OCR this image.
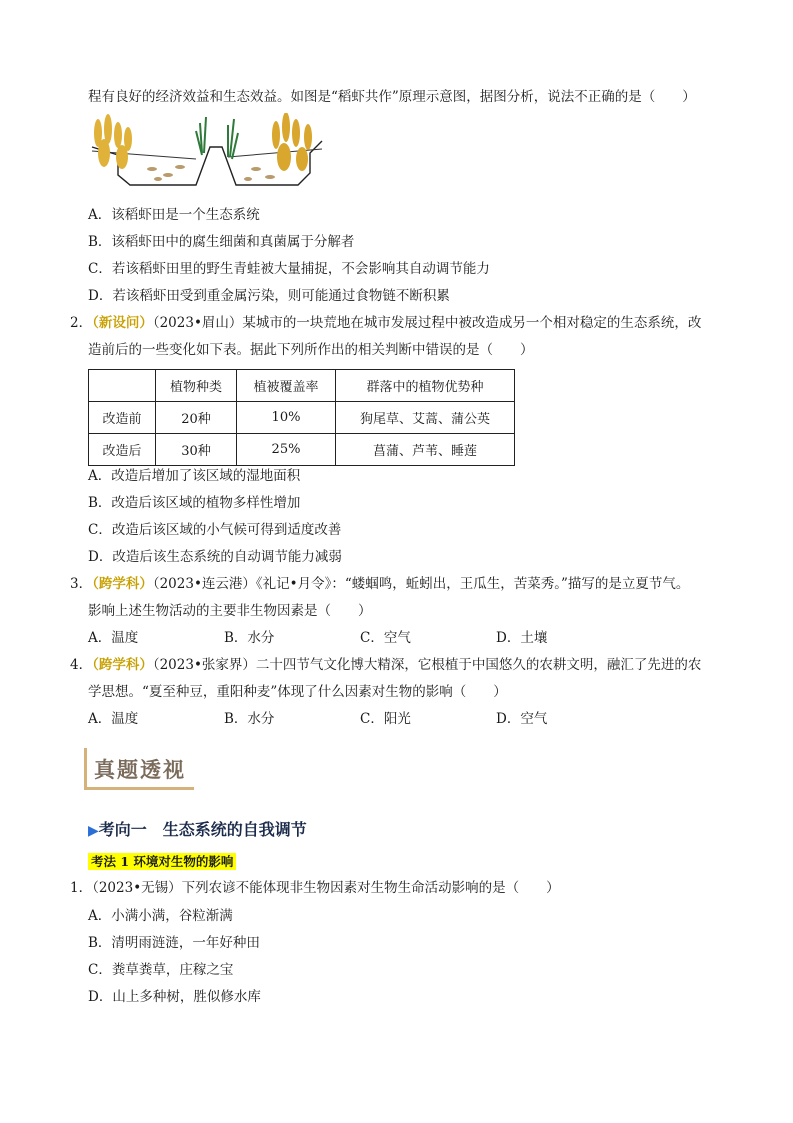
程有良好的经济效益和生态效益。如图是“稻虾共作”原理示意图，据图分析，说法不正确的是（　　）
A．该稻虾田是一个生态系统
B．该稻虾田中的腐生细菌和真菌属于分解者
C．若该稻虾田里的野生青蛙被大量捕捉，不会影响其自动调节能力
D．若该稻虾田受到重金属污染，则可能通过食物链不断积累
2．（新设问）（2023•眉山）某城市的一块荒地在城市发展过程中被改造成另一个相对稳定的生态系统，改
造前后的一些变化如下表。据此下列所作出的相关判断中错误的是（　　）
	植物种类	植被覆盖率	群落中的植物优势种
改造前	20种	10%	狗尾草、艾蒿、蒲公英
改造后	30种	25%	菖蒲、芦苇、睡莲
A．改造后增加了该区域的湿地面积
B．改造后该区域的植物多样性增加
C．改造后该区域的小气候可得到适度改善
D．改造后该生态系统的自动调节能力减弱
3．（跨学科）（2023•连云港）《礼记•月令》：“蝼蝈鸣，蚯蚓出，王瓜生，苦菜秀。”描写的是立夏节气。
影响上述生物活动的主要非生物因素是（　　）
A．温度	B．水分	C．空气	D．土壤
4．（跨学科）（2023•张家界）二十四节气文化博大精深，它根植于中国悠久的农耕文明，融汇了先进的农
学思想。“夏至种豆，重阳种麦”体现了什么因素对生物的影响（　　）
A．温度	B．水分	C．阳光	D．空气
真题透视
▶考向一　生态系统的自我调节
考法 1 环境对生物的影响
1．（2023•无锡）下列农谚不能体现非生物因素对生物生命活动影响的是（　　）
A．小满小满，谷粒渐满
B．清明雨涟涟，一年好种田
C．粪草粪草，庄稼之宝
D．山上多种树，胜似修水库
